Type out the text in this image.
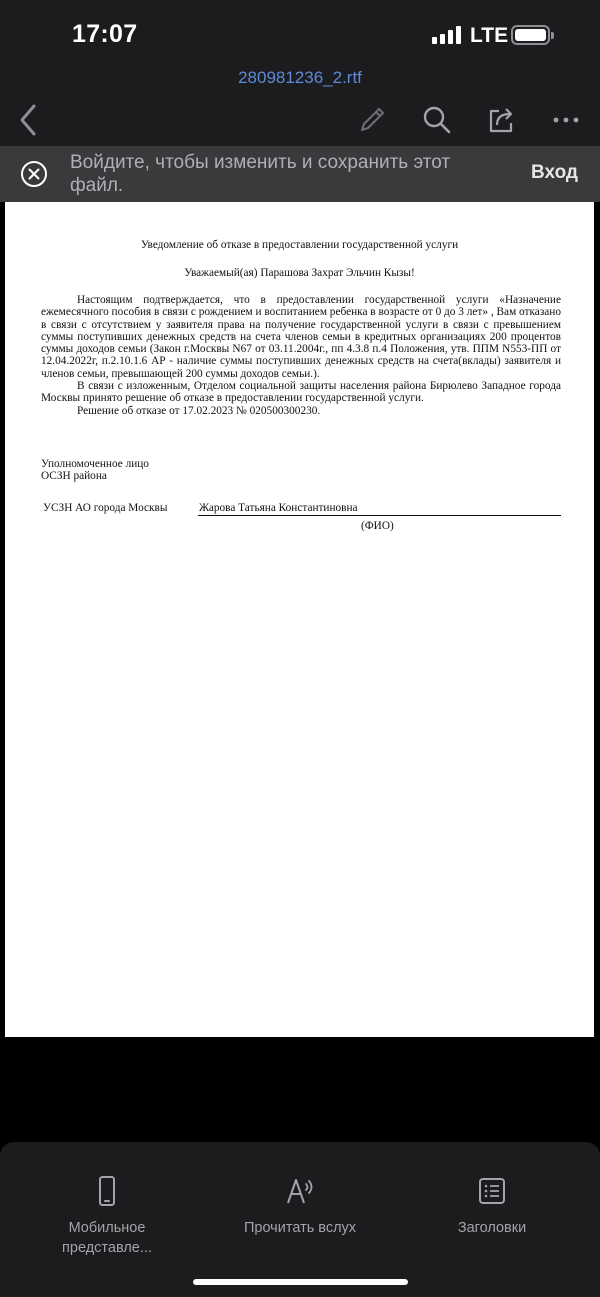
17:07	LTE
280981236_2.rtf
Войдите, чтобы изменить и сохранить этот файл.
Вход
Уведомление об отказе в предоставлении государственной услуги
Уважаемый(ая) Парашова Захрат Эльчин Кызы!

Настоящим подтверждается, что в предоставлении государственной услуги «Назначение ежемесячного пособия в связи с рождением и воспитанием ребенка в возрасте от 0 до 3 лет» , Вам отказано в связи с отсутствием у заявителя права на получение государственной услуги в связи с превышением суммы поступивших денежных средств на счета членов семьи в кредитных организациях 200 процентов суммы доходов семьи (Закон г.Москвы N67 от 03.11.2004г., пп 4.3.8 п.4 Положения, утв. ППМ N553-ПП от 12.04.2022г, п.2.10.1.6 АР - наличие суммы поступивших денежных средств на счета(вклады) заявителя и членов семьи, превышающей 200 суммы доходов семьи.).

В связи с изложенным, Отделом социальной защиты населения района Бирюлево Западное города Москвы принято решение об отказе в предоставлении государственной услуги.

Решение об отказе от 17.02.2023 № 020500300230.

Уполномоченное лицо
ОСЗН района
УСЗН АО города Москвы	Жарова Татьяна Константиновна
(ФИО)
Мобильное представле...
Прочитать вслух	Заголовки
